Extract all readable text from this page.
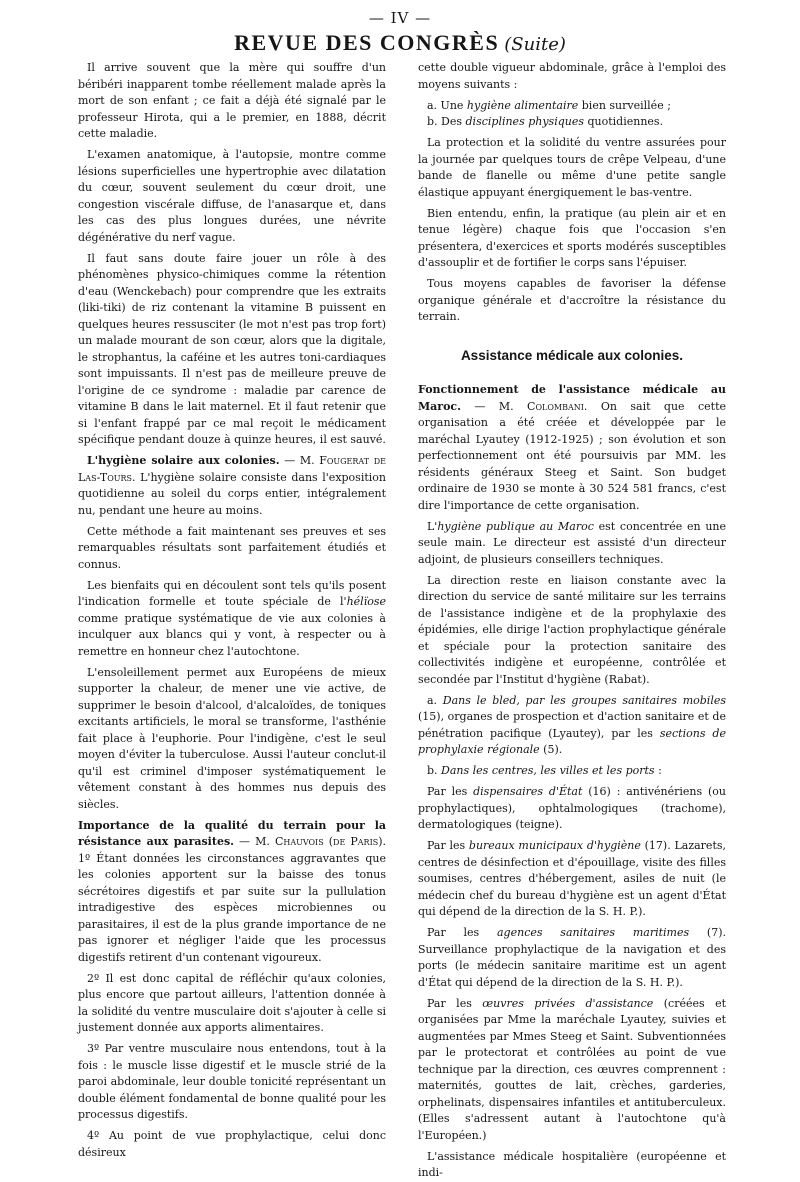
— IV —
REVUE DES CONGRÈS (Suite)

Il arrive souvent que la mère qui souffre d'un béribéri inapparent tombe réellement malade après la mort de son enfant ; ce fait a déjà été signalé par le professeur Hirota, qui a le premier, en 1888, décrit cette maladie.

L'examen anatomique, à l'autopsie, montre comme lésions superficielles une hypertrophie avec dilatation du cœur, souvent seulement du cœur droit, une congestion viscérale diffuse, de l'anasarque et, dans les cas des plus longues durées, une névrite dégénérative du nerf vague.

Il faut sans doute faire jouer un rôle à des phénomènes physico-chimiques comme la rétention d'eau (Wenckebach) pour comprendre que les extraits (liki-tiki) de riz contenant la vitamine B puissent en quelques heures ressusciter (le mot n'est pas trop fort) un malade mourant de son cœur, alors que la digitale, le strophantus, la caféine et les autres toni-cardiaques sont impuissants. Il n'est pas de meilleure preuve de l'origine de ce syndrome : maladie par carence de vitamine B dans le lait maternel. Et il faut retenir que si l'enfant frappé par ce mal reçoit le médicament spécifique pendant douze à quinze heures, il est sauvé.

L'hygiène solaire aux colonies. — M. Fougerat de Las-Tours. L'hygiène solaire consiste dans l'exposition quotidienne au soleil du corps entier, intégralement nu, pendant une heure au moins.

Cette méthode a fait maintenant ses preuves et ses remarquables résultats sont parfaitement étudiés et connus.

Les bienfaits qui en découlent sont tels qu'ils posent l'indication formelle et toute spéciale de l'hélïose comme pratique systématique de vie aux colonies à inculquer aux blancs qui y vont, à respecter ou à remettre en honneur chez l'autochtone.

L'ensoleillement permet aux Européens de mieux supporter la chaleur, de mener une vie active, de supprimer le besoin d'alcool, d'alcaloïdes, de toniques excitants artificiels, le moral se transforme, l'asthénie fait place à l'euphorie. Pour l'indigène, c'est le seul moyen d'éviter la tuberculose. Aussi l'auteur conclut-il qu'il est criminel d'imposer systématiquement le vêtement constant à des hommes nus depuis des siècles.

Importance de la qualité du terrain pour la résistance aux parasites. — M. Chauvois (de Paris). 1º Étant données les circonstances aggravantes que les colonies apportent sur la baisse des tonus sécrétoires digestifs et par suite sur la pullulation intradigestive des espèces microbiennes ou parasitaires, il est de la plus grande importance de ne pas ignorer et négliger l'aide que les processus digestifs retirent d'un contenant vigoureux.

2º Il est donc capital de réfléchir qu'aux colonies, plus encore que partout ailleurs, l'attention donnée à la solidité du ventre musculaire doit s'ajouter à celle si justement donnée aux apports alimentaires.

3º Par ventre musculaire nous entendons, tout à la fois : le muscle lisse digestif et le muscle strié de la paroi abdominale, leur double tonicité représentant un double élément fondamental de bonne qualité pour les processus digestifs.

4º Au point de vue prophylactique, celui donc désireux

cette double vigueur abdominale, grâce à l'emploi des moyens suivants :

a. Une hygiène alimentaire bien surveillée ;

b. Des disciplines physiques quotidiennes.

La protection et la solidité du ventre assurées pour la journée par quelques tours de crêpe Velpeau, d'une bande de flanelle ou même d'une petite sangle élastique appuyant énergiquement le bas-ventre.

Bien entendu, enfin, la pratique (au plein air et en tenue légère) chaque fois que l'occasion s'en présentera, d'exercices et sports modérés susceptibles d'assouplir et de fortifier le corps sans l'épuiser.

Tous moyens capables de favoriser la défense organique générale et d'accroître la résistance du terrain.

Assistance médicale aux colonies.

Fonctionnement de l'assistance médicale au Maroc. — M. Colombani. On sait que cette organisation a été créée et développée par le maréchal Lyautey (1912-1925) ; son évolution et son perfectionnement ont été poursuivis par MM. les résidents généraux Steeg et Saint. Son budget ordinaire de 1930 se monte à 30 524 581 francs, c'est dire l'importance de cette organisation.

L'hygiène publique au Maroc est concentrée en une seule main. Le directeur est assisté d'un directeur adjoint, de plusieurs conseillers techniques.

La direction reste en liaison constante avec la direction du service de santé militaire sur les terrains de l'assistance indigène et de la prophylaxie des épidémies, elle dirige l'action prophylactique générale et spéciale pour la protection sanitaire des collectivités indigène et européenne, contrôlée et secondée par l'Institut d'hygiène (Rabat).

a. Dans le bled, par les groupes sanitaires mobiles (15), organes de prospection et d'action sanitaire et de pénétration pacifique (Lyautey), par les sections de prophylaxie régionale (5).

b. Dans les centres, les villes et les ports :

Par les dispensaires d'État (16) : antivénériens (ou prophylactiques), ophtalmologiques (trachome), dermatologiques (teigne).

Par les bureaux municipaux d'hygiène (17). Lazarets, centres de désinfection et d'épouillage, visite des filles soumises, centres d'hébergement, asiles de nuit (le médecin chef du bureau d'hygiène est un agent d'État qui dépend de la direction de la S. H. P.).

Par les agences sanitaires maritimes (7). Surveillance prophylactique de la navigation et des ports (le médecin sanitaire maritime est un agent d'État qui dépend de la direction de la S. H. P.).

Par les œuvres privées d'assistance (créées et organisées par Mme la maréchale Lyautey, suivies et augmentées par Mmes Steeg et Saint. Subventionnées par le protectorat et contrôlées au point de vue technique par la direction, ces œuvres comprennent : maternités, gouttes de lait, crèches, garderies, orphelinats, dispensaires infantiles et antituberculeux. (Elles s'adressent autant à l'autochtone qu'à l'Européen.)

L'assistance médicale hospitalière (européenne et indi-
